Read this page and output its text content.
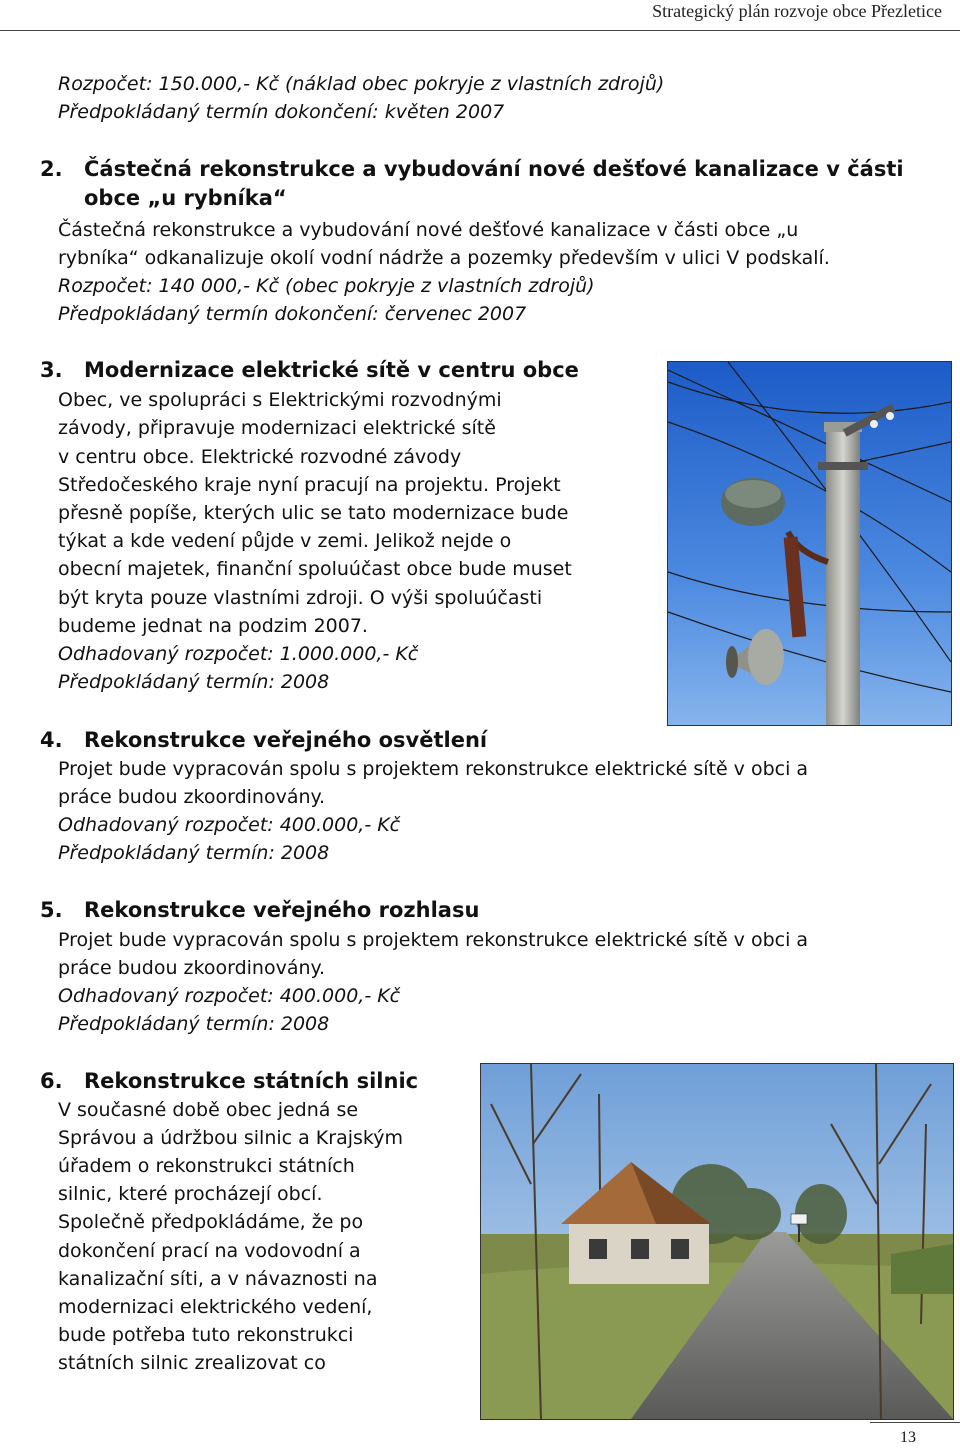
Strategický plán rozvoje obce Přezletice
Rozpočet: 150.000,- Kč (náklad obec pokryje z vlastních zdrojů)
Předpokládaný termín dokončení: květen 2007
2. Částečná rekonstrukce a vybudování nové dešťové kanalizace v části
obce „u rybníka“
Částečná rekonstrukce a vybudování nové dešťové kanalizace v části obce „u
rybníka“ odkanalizuje okolí vodní nádrže a pozemky především v ulici V podskalí.
Rozpočet: 140 000,- Kč (obec pokryje z vlastních zdrojů)
Předpokládaný termín dokončení: červenec 2007
3. Modernizace elektrické sítě v centru obce
Obec, ve spolupráci s Elektrickými rozvodnými
závody, připravuje modernizaci elektrické sítě
v centru obce. Elektrické rozvodné závody
Středočeského kraje nyní pracují na projektu. Projekt
přesně popíše, kterých ulic se tato modernizace bude
týkat a kde vedení půjde v zemi. Jelikož nejde o
obecní majetek, finanční spoluúčast obce bude muset
být kryta pouze vlastními zdroji. O výši spoluúčasti
budeme jednat na podzim 2007.
Odhadovaný rozpočet: 1.000.000,- Kč
Předpokládaný termín: 2008
4. Rekonstrukce veřejného osvětlení
Projet bude vypracován spolu s projektem rekonstrukce elektrické sítě v obci a
práce budou zkoordinovány.
Odhadovaný rozpočet: 400.000,- Kč
Předpokládaný termín: 2008
5. Rekonstrukce veřejného rozhlasu
Projet bude vypracován spolu s projektem rekonstrukce elektrické sítě v obci a
práce budou zkoordinovány.
Odhadovaný rozpočet: 400.000,- Kč
Předpokládaný termín: 2008
6. Rekonstrukce státních silnic
V současné době obec jedná se
Správou a údržbou silnic a Krajským
úřadem o rekonstrukci státních
silnic, které procházejí obcí.
Společně předpokládáme, že po
dokončení prací na vodovodní a
kanalizační síti, a v návaznosti na
modernizaci elektrického vedení,
bude potřeba tuto rekonstrukci
státních silnic zrealizovat co
13
